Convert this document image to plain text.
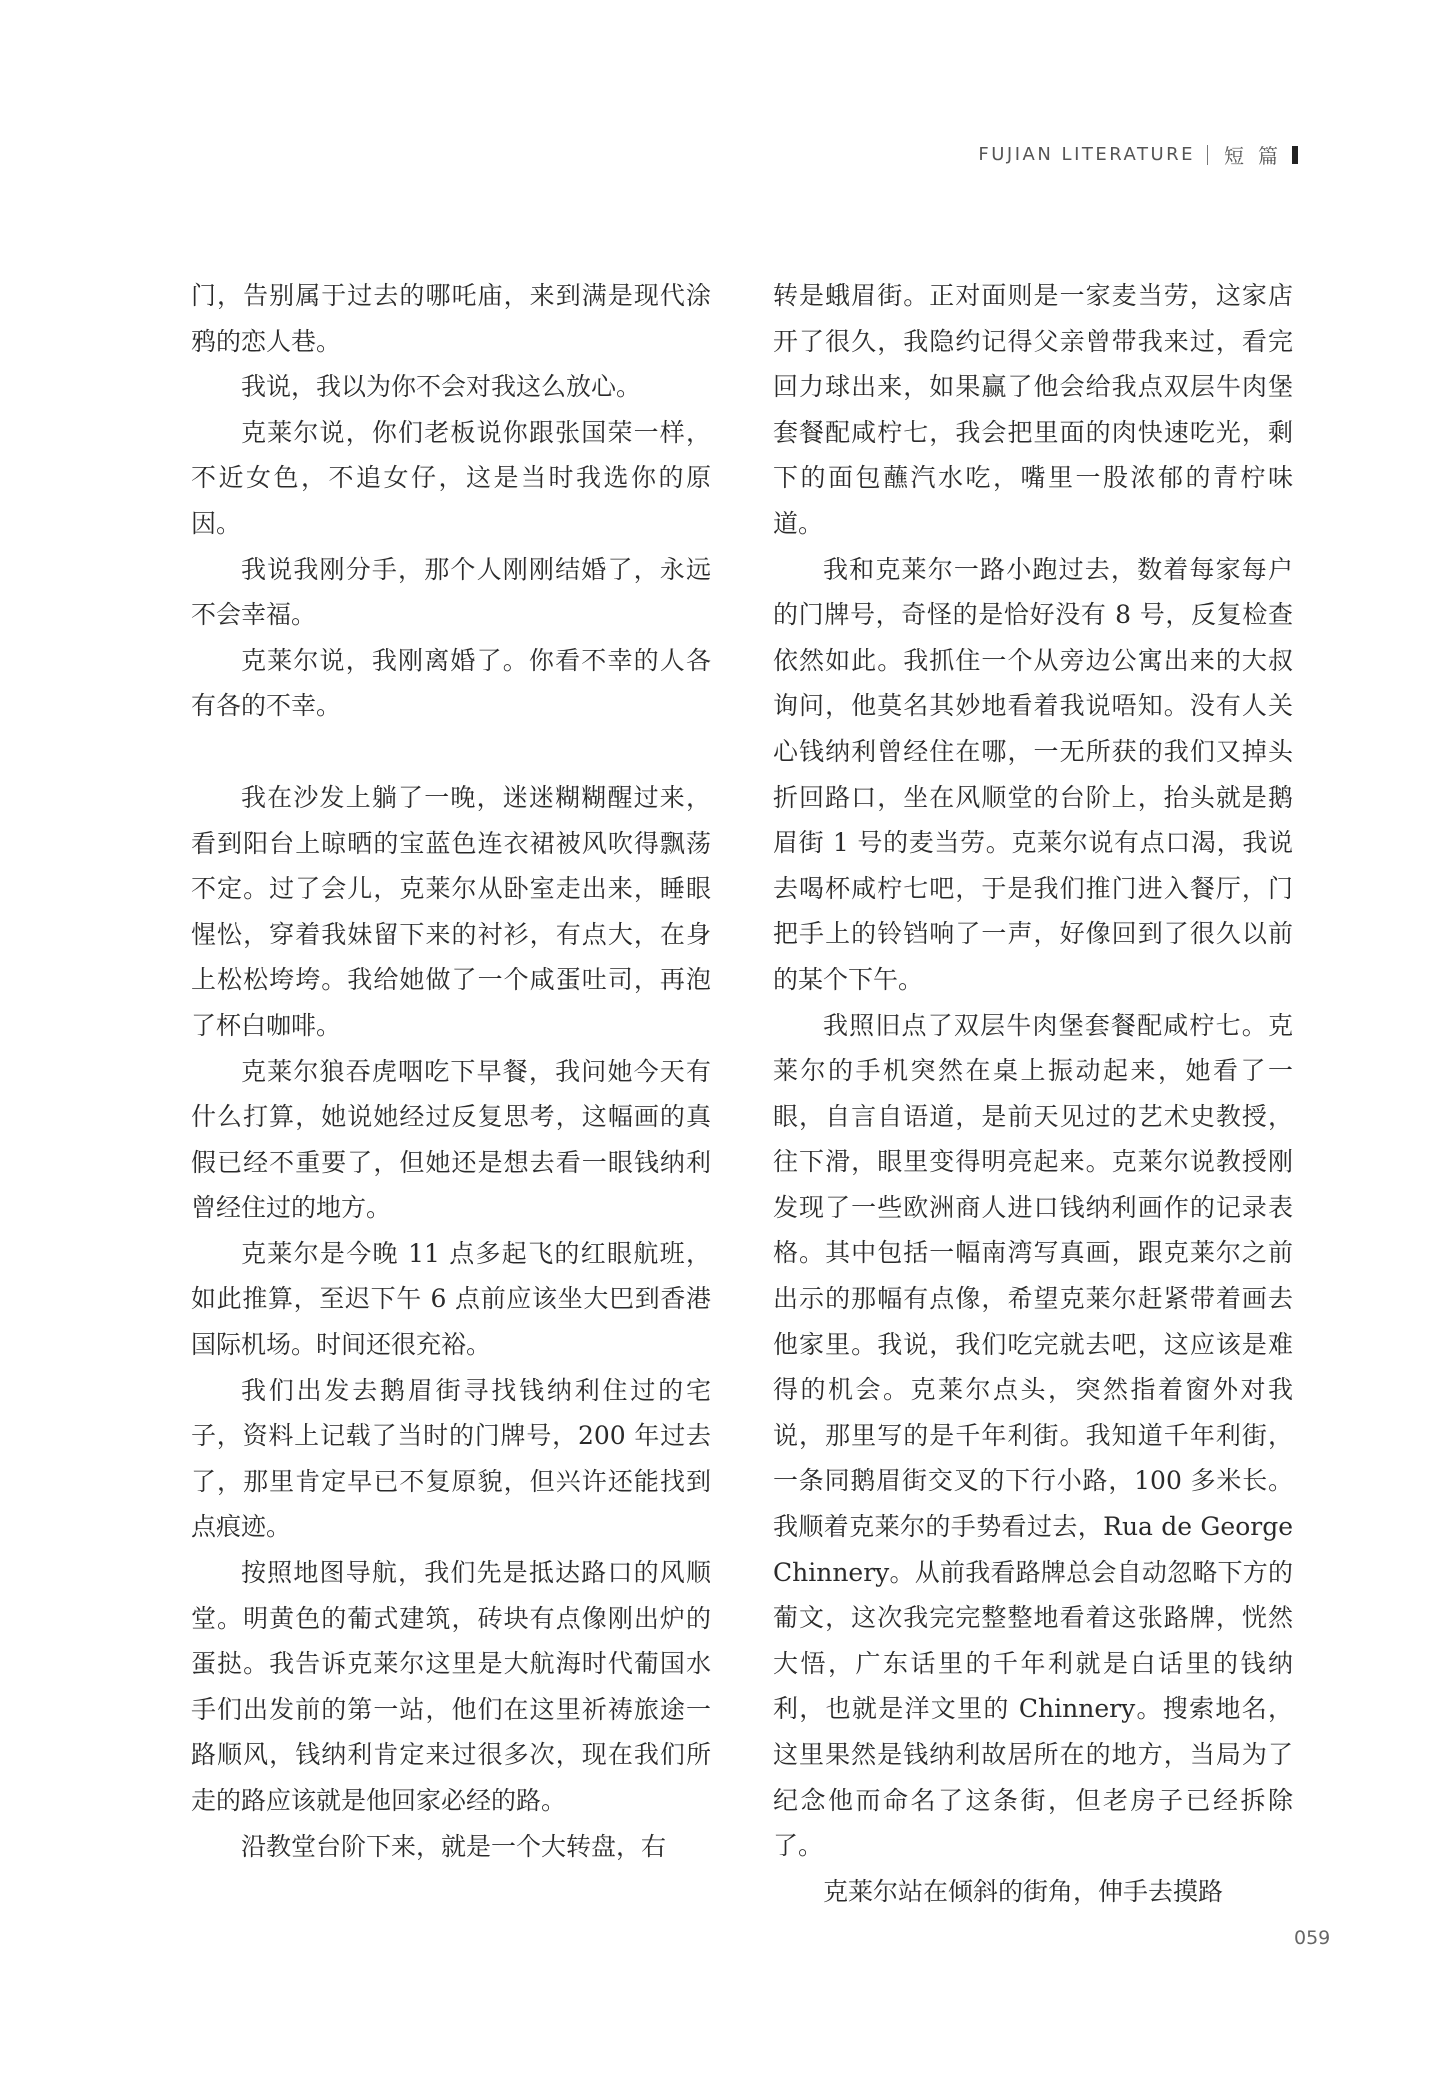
FUJIAN LITERATURE 短篇

门，告别属于过去的哪吒庙，来到满是现代涂鸦的恋人巷。

我说，我以为你不会对我这么放心。

克莱尔说，你们老板说你跟张国荣一样，不近女色，不追女仔，这是当时我选你的原因。

我说我刚分手，那个人刚刚结婚了，永远不会幸福。

克莱尔说，我刚离婚了。你看不幸的人各有各的不幸。

我在沙发上躺了一晚，迷迷糊糊醒过来，看到阳台上晾晒的宝蓝色连衣裙被风吹得飘荡不定。过了会儿，克莱尔从卧室走出来，睡眼惺忪，穿着我妹留下来的衬衫，有点大，在身上松松垮垮。我给她做了一个咸蛋吐司，再泡了杯白咖啡。

克莱尔狼吞虎咽吃下早餐，我问她今天有什么打算，她说她经过反复思考，这幅画的真假已经不重要了，但她还是想去看一眼钱纳利曾经住过的地方。

克莱尔是今晚 11 点多起飞的红眼航班，如此推算，至迟下午 6 点前应该坐大巴到香港国际机场。时间还很充裕。

我们出发去鹅眉街寻找钱纳利住过的宅子，资料上记载了当时的门牌号，200 年过去了，那里肯定早已不复原貌，但兴许还能找到点痕迹。

按照地图导航，我们先是抵达路口的风顺堂。明黄色的葡式建筑，砖块有点像刚出炉的蛋挞。我告诉克莱尔这里是大航海时代葡国水手们出发前的第一站，他们在这里祈祷旅途一路顺风，钱纳利肯定来过很多次，现在我们所走的路应该就是他回家必经的路。

沿教堂台阶下来，就是一个大转盘，右

转是蛾眉街。正对面则是一家麦当劳，这家店开了很久，我隐约记得父亲曾带我来过，看完回力球出来，如果赢了他会给我点双层牛肉堡套餐配咸柠七，我会把里面的肉快速吃光，剩下的面包蘸汽水吃，嘴里一股浓郁的青柠味道。

我和克莱尔一路小跑过去，数着每家每户的门牌号，奇怪的是恰好没有 8 号，反复检查依然如此。我抓住一个从旁边公寓出来的大叔询问，他莫名其妙地看着我说唔知。没有人关心钱纳利曾经住在哪，一无所获的我们又掉头折回路口，坐在风顺堂的台阶上，抬头就是鹅眉街 1 号的麦当劳。克莱尔说有点口渴，我说去喝杯咸柠七吧，于是我们推门进入餐厅，门把手上的铃铛响了一声，好像回到了很久以前的某个下午。

我照旧点了双层牛肉堡套餐配咸柠七。克莱尔的手机突然在桌上振动起来，她看了一眼，自言自语道，是前天见过的艺术史教授，往下滑，眼里变得明亮起来。克莱尔说教授刚发现了一些欧洲商人进口钱纳利画作的记录表格。其中包括一幅南湾写真画，跟克莱尔之前出示的那幅有点像，希望克莱尔赶紧带着画去他家里。我说，我们吃完就去吧，这应该是难得的机会。克莱尔点头，突然指着窗外对我说，那里写的是千年利街。我知道千年利街，一条同鹅眉街交叉的下行小路，100 多米长。我顺着克莱尔的手势看过去，Rua de George Chinnery。从前我看路牌总会自动忽略下方的葡文，这次我完完整整地看着这张路牌，恍然大悟，广东话里的千年利就是白话里的钱纳利，也就是洋文里的 Chinnery。搜索地名，这里果然是钱纳利故居所在的地方，当局为了纪念他而命名了这条街，但老房子已经拆除了。

克莱尔站在倾斜的街角，伸手去摸路

059
